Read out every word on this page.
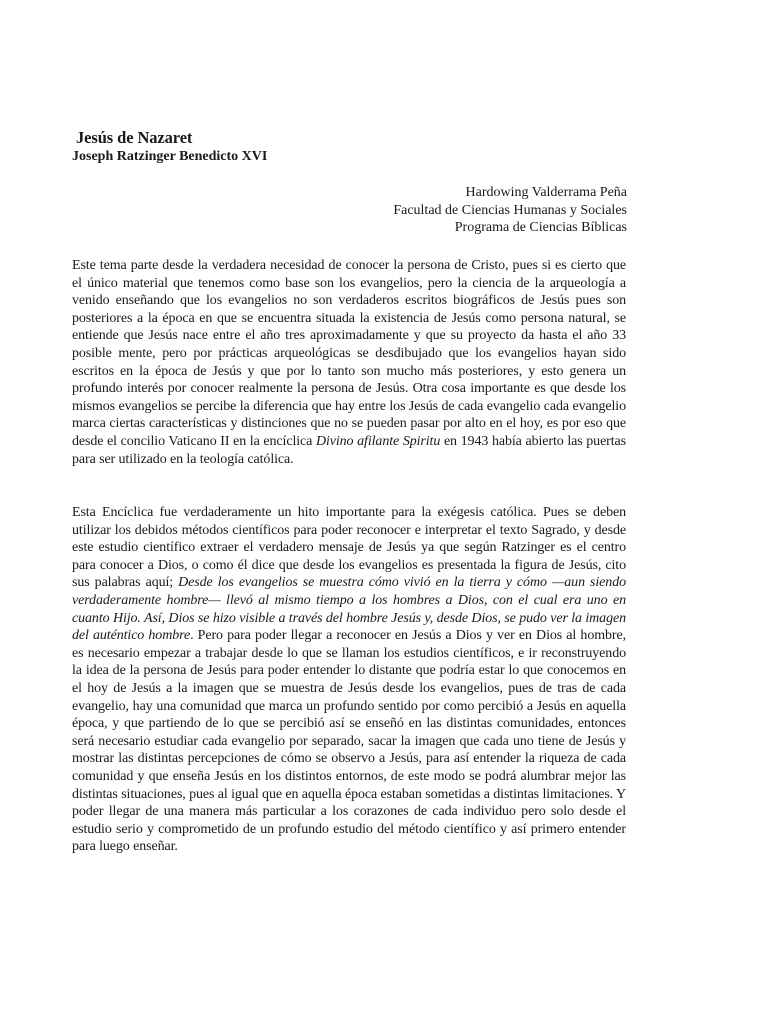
Jesús de Nazaret
Joseph Ratzinger Benedicto XVI
Hardowing Valderrama Peña
Facultad de Ciencias Humanas y Sociales
Programa de Ciencias Bíblicas
Este tema parte desde la verdadera necesidad de conocer la persona de Cristo, pues si es cierto que el único material que tenemos como base son los evangelios, pero la ciencia de la arqueología a venido enseñando que los evangelios no son verdaderos escritos biográficos de Jesús pues son posteriores a la época en que se encuentra situada la existencia de Jesús como persona natural, se entiende que Jesús nace entre el año tres aproximadamente y que su proyecto da hasta el año 33 posible mente, pero por prácticas arqueológicas se desdibujado que los evangelios hayan sido escritos en la época de Jesús y que por lo tanto son mucho más posteriores, y esto genera un profundo interés por conocer realmente la persona de Jesús. Otra cosa importante es que desde los mismos evangelios se percibe la diferencia que hay entre los Jesús de cada evangelio cada evangelio marca ciertas características y distinciones que no se pueden pasar por alto en el hoy, es por eso que desde el concilio Vaticano II en la encíclica Divino afilante Spiritu en 1943 había abierto las puertas para ser utilizado en la teología católica.
Esta Encíclica fue verdaderamente un hito importante para la exégesis católica. Pues se deben utilizar los debidos métodos científicos para poder reconocer e interpretar el texto Sagrado, y desde este estudio científico extraer el verdadero mensaje de Jesús ya que según Ratzinger es el centro para conocer a Dios, o como él dice que desde los evangelios es presentada la figura de Jesús, cito sus palabras aquí; Desde los evangelios se muestra cómo vivió en la tierra y cómo —aun siendo verdaderamente hombre— llevó al mismo tiempo a los hombres a Dios, con el cual era uno en cuanto Hijo. Así, Dios se hizo visible a través del hombre Jesús y, desde Dios, se pudo ver la imagen del auténtico hombre. Pero para poder llegar a reconocer en Jesús a Dios y ver en Dios al hombre, es necesario empezar a trabajar desde lo que se llaman los estudios científicos, e ir reconstruyendo la idea de la persona de Jesús para poder entender lo distante que podría estar lo que conocemos en el hoy de Jesús a la imagen que se muestra de Jesús desde los evangelios, pues de tras de cada evangelio, hay una comunidad que marca un profundo sentido por como percibió a Jesús en aquella época, y que partiendo de lo que se percibió así se enseñó en las distintas comunidades, entonces será necesario estudiar cada evangelio por separado, sacar la imagen que cada uno tiene de Jesús y mostrar las distintas percepciones de cómo se observo a Jesús, para así entender la riqueza de cada comunidad y que enseña Jesús en los distintos entornos, de este modo se podrá alumbrar mejor las distintas situaciones, pues al igual que en aquella época estaban sometidas a distintas limitaciones. Y poder llegar de una manera más particular a los corazones de cada individuo pero solo desde el estudio serio y comprometido de un profundo estudio del método científico y así primero entender para luego enseñar.
